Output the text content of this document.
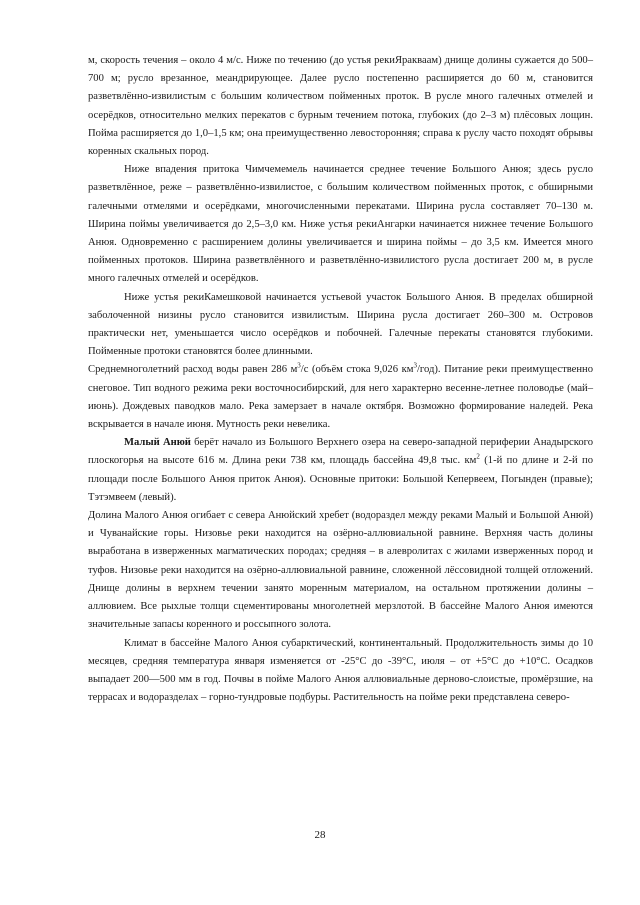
м, скорость течения – около 4 м/с. Ниже по течению (до устья рекиЯракваам) днище долины сужается до 500–700 м; русло врезанное, меандрирующее. Далее русло постепенно расширяется до 60 м, становится разветвлённо-извилистым с большим количеством пойменных проток. В русле много галечных отмелей и осерёдков, относительно мелких перекатов с бурным течением потока, глубоких (до 2–3 м) плёсовых лощин. Пойма расширяется до 1,0–1,5 км; она преимущественно левосторонняя; справа к руслу часто походят обрывы коренных скальных пород.

Ниже впадения притока Чимчемемель начинается среднее течение Большого Анюя; здесь русло разветвлённое, реже – разветвлённо-извилистое, с большим количеством пойменных проток, с обширными галечными отмелями и осерёдками, многочисленными перекатами. Ширина русла составляет 70–130 м. Ширина поймы увеличивается до 2,5–3,0 км. Ниже устья рекиАнгарки начинается нижнее течение Большого Анюя. Одновременно с расширением долины увеличивается и ширина поймы – до 3,5 км. Имеется много пойменных протоков. Ширина разветвлённого и разветвлённо-извилистого русла достигает 200 м, в русле много галечных отмелей и осерёдков.

Ниже устья рекиКамешковой начинается устьевой участок Большого Анюя. В пределах обширной заболоченной низины русло становится извилистым. Ширина русла достигает 260–300 м. Островов практически нет, уменьшается число осерёдков и побочней. Галечные перекаты становятся глубокими. Пойменные протоки становятся более длинными.

Среднемноголетний расход воды равен 286 $м^3/с$ (объём стока 9,026 $км^3/год$). Питание реки преимущественно снеговое. Тип водного режима реки восточносибирский, для него характерно весенне-летнее половодье (май–июнь). Дождевых паводков мало. Река замерзает в начале октября. Возможно формирование наледей. Река вскрывается в начале июня. Мутность реки невелика.

Малый Анюй берёт начало из Большого Верхнего озера на северо-западной периферии Анадырского плоскогорья на высоте 616 м. Длина реки 738 км, площадь бассейна 49,8 тыс. $км^2$ (1-й по длине и 2-й по площади после Большого Анюя приток Анюя). Основные притоки: Большой Кепервеем, Погынден (правые); Тэтэмвеем (левый).

Долина Малого Анюя огибает с севера Анюйский хребет (водораздел между реками Малый и Большой Анюй) и Чуванайские горы. Низовье реки находится на озёрно-аллювиальной равнине. Верхняя часть долины выработана в изверженных магматических породах; средняя – в алевролитах с жилами изверженных пород и туфов. Низовье реки находится на озёрно-аллювиальной равнине, сложенной лёссовидной толщей отложений. Днище долины в верхнем течении занято моренным материалом, на остальном протяжении долины – аллювием. Все рыхлые толщи сцементированы многолетней мерзлотой. В бассейне Малого Анюя имеются значительные запасы коренного и россыпного золота.

Климат в бассейне Малого Анюя субарктический, континентальный. Продолжительность зимы до 10 месяцев, средняя температура января изменяется от -25°С до -39°С, июля – от +5°С до +10°С. Осадков выпадает 200—500 мм в год. Почвы в пойме Малого Анюя аллювиальные дерново-слоистые, промёрзшие, на террасах и водоразделах – горно-тундровые подбуры. Растительность на пойме реки представлена северо-

28
